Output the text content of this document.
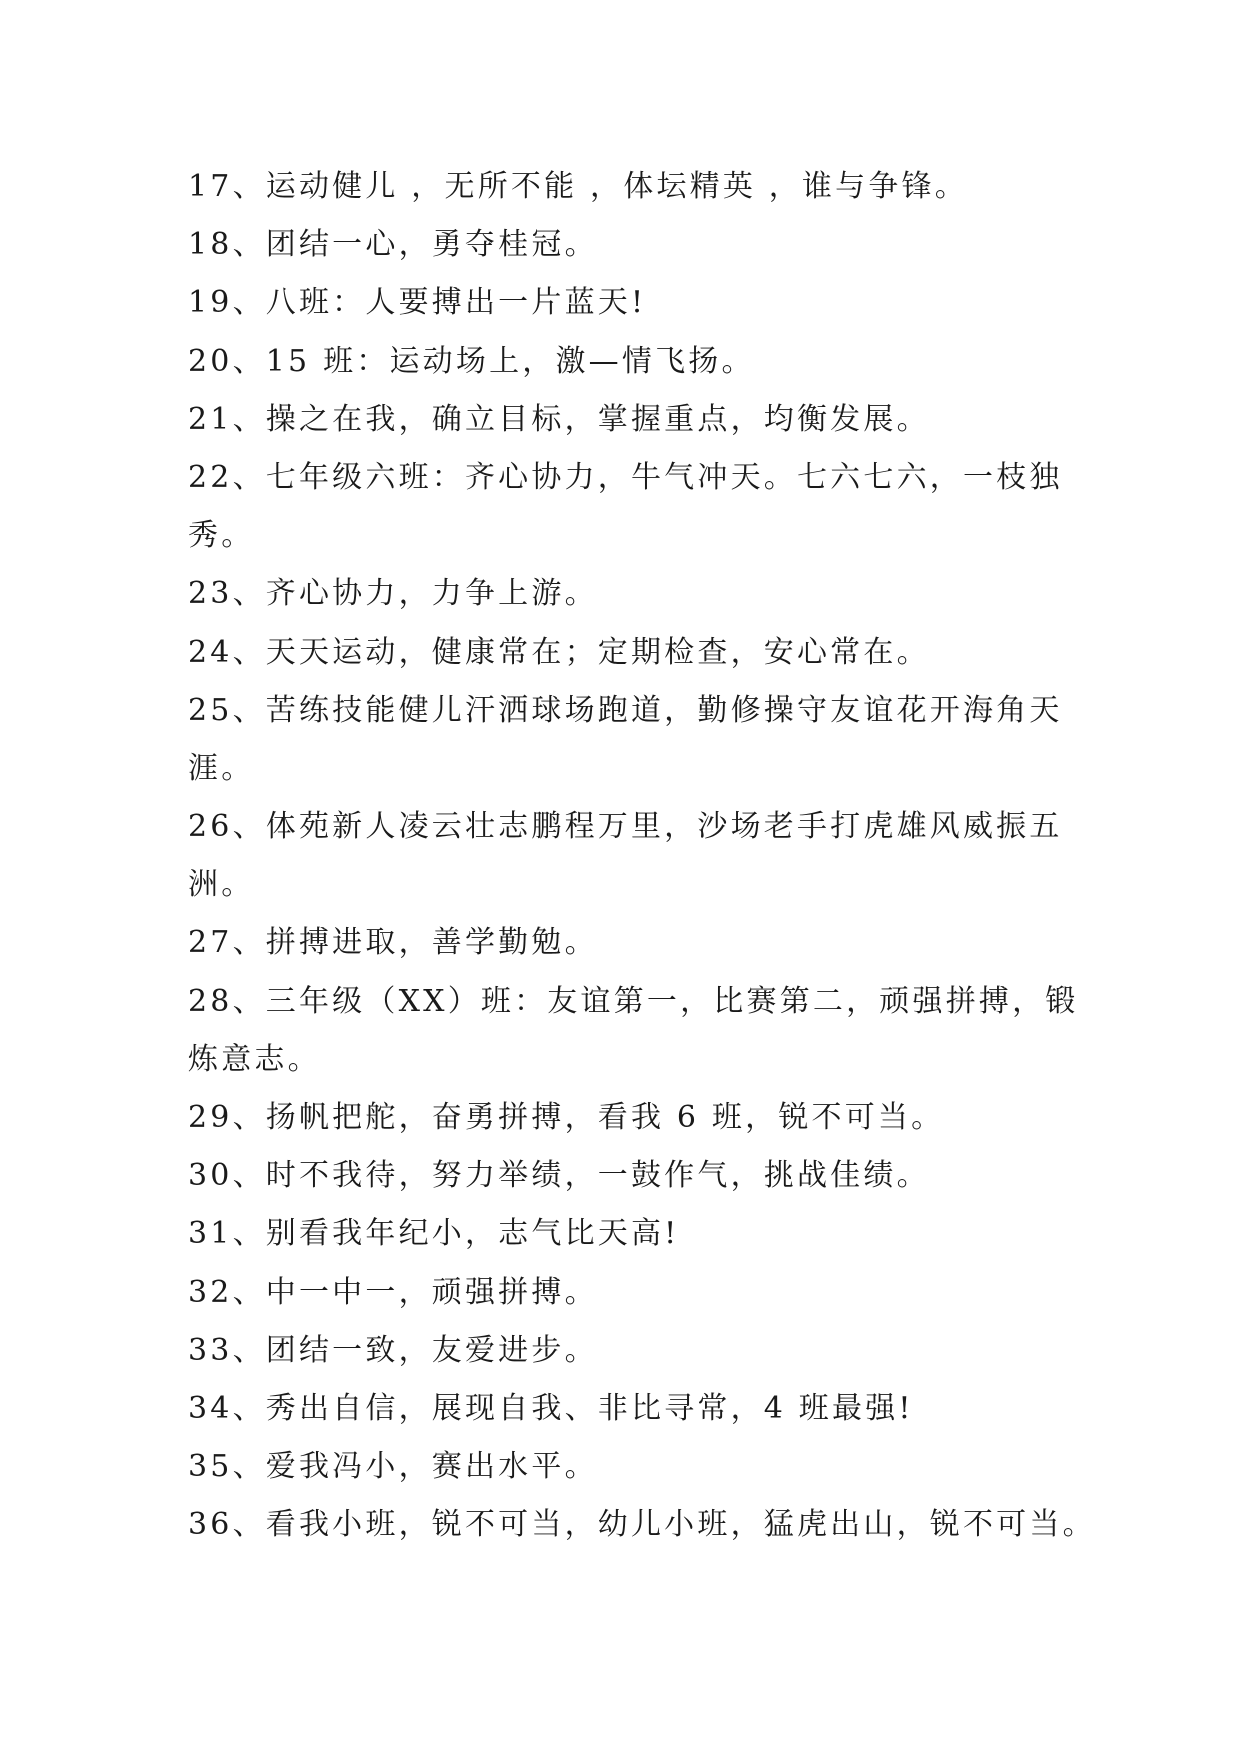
17、运动健儿 ，无所不能 ，体坛精英 ，谁与争锋。
18、团结一心，勇夺桂冠。
19、八班：人要搏出一片蓝天!
20、15 班：运动场上，激—情飞扬。
21、操之在我，确立目标，掌握重点，均衡发展。
22、七年级六班：齐心协力，牛气冲天。七六七六，一枝独
秀。
23、齐心协力，力争上游。
24、天天运动，健康常在；定期检查，安心常在。
25、苦练技能健儿汗洒球场跑道，勤修操守友谊花开海角天
涯。
26、体苑新人凌云壮志鹏程万里，沙场老手打虎雄风威振五
洲。
27、拼搏进取，善学勤勉。
28、三年级（XX）班：友谊第一，比赛第二，顽强拼搏，锻
炼意志。
29、扬帆把舵，奋勇拼搏，看我 6 班，锐不可当。
30、时不我待，努力举绩，一鼓作气，挑战佳绩。
31、别看我年纪小，志气比天高!
32、中一中一，顽强拼搏。
33、团结一致，友爱进步。
34、秀出自信，展现自我、非比寻常，4 班最强!
35、爱我冯小，赛出水平。
36、看我小班，锐不可当，幼儿小班，猛虎出山，锐不可当。
